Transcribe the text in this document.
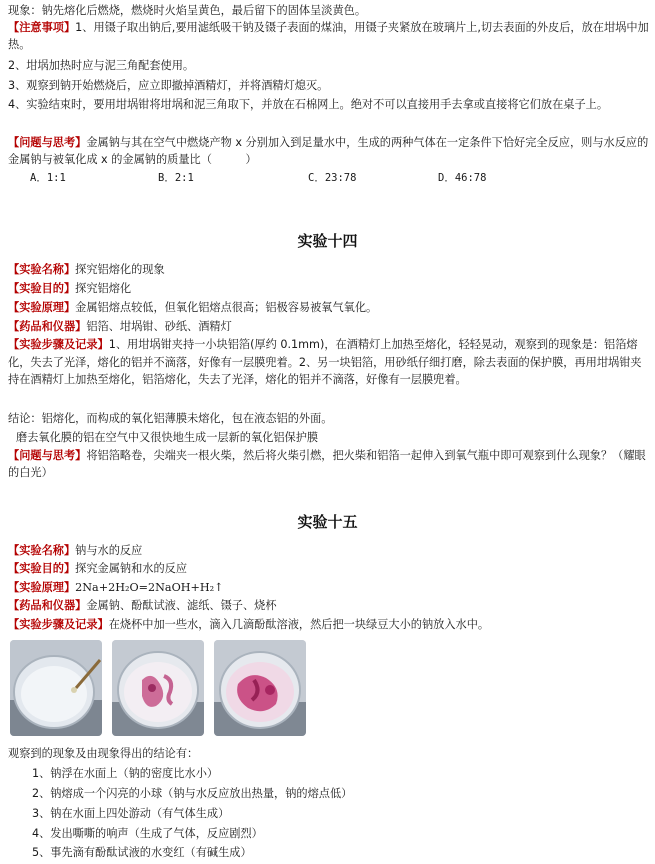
现象：钠先熔化后燃烧，燃烧时火焰呈黄色，最后留下的固体呈淡黄色。
【注意事项】1、用镊子取出钠后,要用滤纸吸干钠及镊子表面的煤油，用镊子夹紧放在玻璃片上,切去表面的外皮后，放在坩埚中加热。
2、坩埚加热时应与泥三角配套使用。
3、观察到钠开始燃烧后，应立即撤掉酒精灯，并将酒精灯熄灭。
4、实验结束时，要用坩埚钳将坩埚和泥三角取下，并放在石棉网上。绝对不可以直接用手去拿或直接将它们放在桌子上。
【问题与思考】金属钠与其在空气中燃烧产物 x 分别加入到足量水中，生成的两种气体在一定条件下恰好完全反应，则与水反应的金属钠与被氧化成 x 的金属钠的质量比（　　　）
A．1:1	B．2:1	C．23:78	D．46:78
实验十四
【实验名称】探究铝熔化的现象
【实验目的】探究铝熔化
【实验原理】金属铝熔点较低，但氧化铝熔点很高；铝极容易被氧气氧化。
【药品和仪器】铝箔、坩埚钳、砂纸、酒精灯
【实验步骤及记录】1、用坩埚钳夹持一小块铝箔(厚约 0.1mm)，在酒精灯上加热至熔化，轻轻晃动，观察到的现象是：铝箔熔化，失去了光泽，熔化的铝并不滴落，好像有一层膜兜着。2、另一块铝箔，用砂纸仔细打磨，除去表面的保护膜，再用坩埚钳夹持在酒精灯上加热至熔化，铝箔熔化，失去了光泽，熔化的铝并不滴落，好像有一层膜兜着。
结论：铝熔化，而构成的氧化铝薄膜未熔化，包在液态铝的外面。
磨去氧化膜的铝在空气中又很快地生成一层新的氧化铝保护膜
【问题与思考】将铝箔略卷，尖端夹一根火柴，然后将火柴引燃，把火柴和铝箔一起伸入到氧气瓶中即可观察到什么现象？（耀眼的白光）
实验十五
【实验名称】钠与水的反应
【实验目的】探究金属钠和水的反应
【实验原理】2Na+2H₂O=2NaOH+H₂↑
【药品和仪器】金属钠、酚酞试液、滤纸、镊子、烧杯
【实验步骤及记录】在烧杯中加一些水，滴入几滴酚酞溶液，然后把一块绿豆大小的钠放入水中。
观察到的现象及由现象得出的结论有：
1、钠浮在水面上（钠的密度比水小）
2、钠熔成一个闪亮的小球（钠与水反应放出热量，钠的熔点低）
3、钠在水面上四处游动（有气体生成）
4、发出嘶嘶的响声（生成了气体，反应剧烈）
5、事先滴有酚酞试液的水变红（有碱生成）
